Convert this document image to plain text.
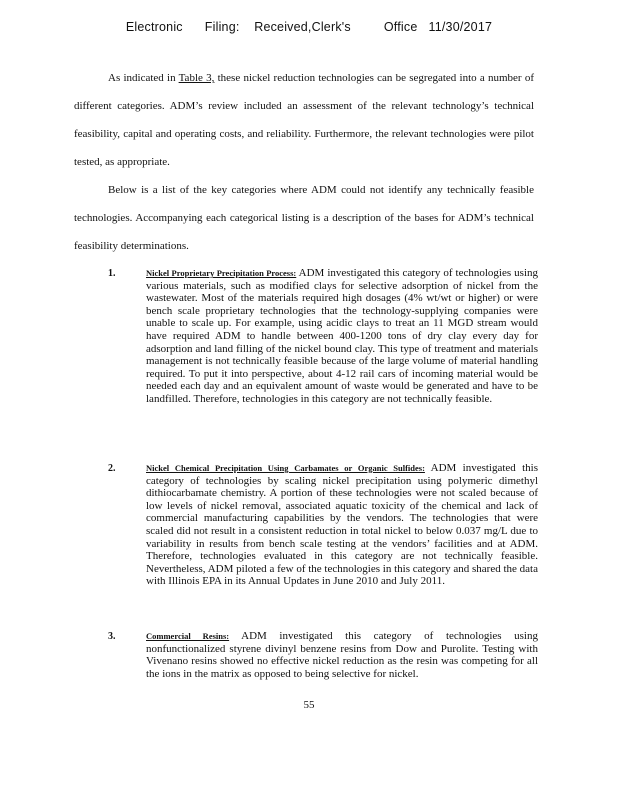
Electronic      Filing:    Received,Clerk's         Office   11/30/2017
As indicated in Table 3, these nickel reduction technologies can be segregated into a number of different categories. ADM’s review included an assessment of the relevant technology’s technical feasibility, capital and operating costs, and reliability. Furthermore, the relevant technologies were pilot tested, as appropriate.
Below is a list of the key categories where ADM could not identify any technically feasible technologies. Accompanying each categorical listing is a description of the bases for ADM’s technical feasibility determinations.
1.	Nickel Proprietary Precipitation Process: ADM investigated this category of technologies using various materials, such as modified clays for selective adsorption of nickel from the wastewater. Most of the materials required high dosages (4% wt/wt or higher) or were bench scale proprietary technologies that the technology-supplying companies were unable to scale up. For example, using acidic clays to treat an 11 MGD stream would have required ADM to handle between 400-1200 tons of dry clay every day for adsorption and land filling of the nickel bound clay. This type of treatment and materials management is not technically feasible because of the large volume of material handling required. To put it into perspective, about 4-12 rail cars of incoming material would be needed each day and an equivalent amount of waste would be generated and have to be landfilled. Therefore, technologies in this category are not technically feasible.
2.	Nickel Chemical Precipitation Using Carbamates or Organic Sulfides: ADM investigated this category of technologies by scaling nickel precipitation using polymeric dimethyl dithiocarbamate chemistry. A portion of these technologies were not scaled because of low levels of nickel removal, associated aquatic toxicity of the chemical and lack of commercial manufacturing capabilities by the vendors. The technologies that were scaled did not result in a consistent reduction in total nickel to below 0.037 mg/L due to variability in results from bench scale testing at the vendors’ facilities and at ADM. Therefore, technologies evaluated in this category are not technically feasible. Nevertheless, ADM piloted a few of the technologies in this category and shared the data with Illinois EPA in its Annual Updates in June 2010 and July 2011.
3.	Commercial Resins: ADM investigated this category of technologies using nonfunctionalized styrene divinyl benzene resins from Dow and Purolite. Testing with Vivenano resins showed no effective nickel reduction as the resin was competing for all the ions in the matrix as opposed to being selective for nickel.
55
